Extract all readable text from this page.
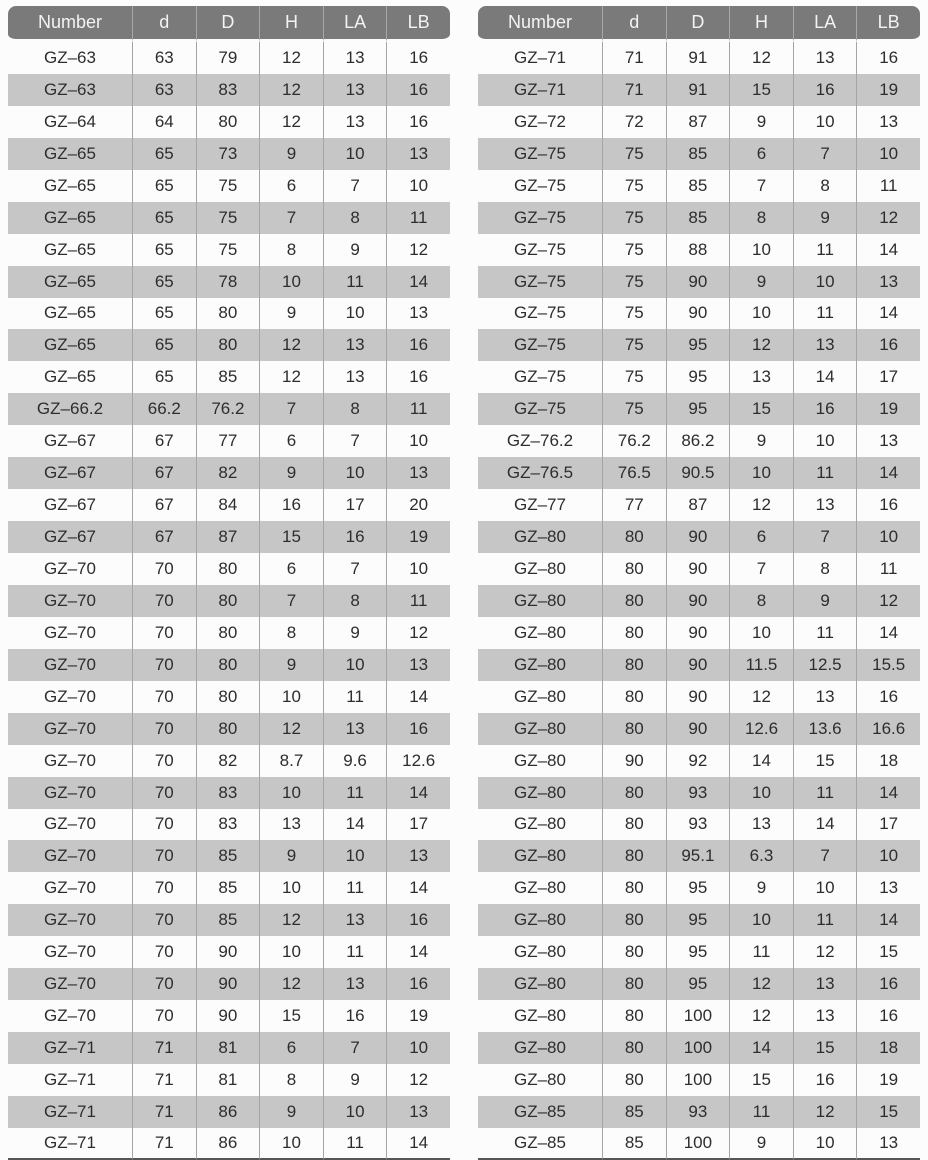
Number	d	D	H	LA	LB
GZ–63	63	79	12	13	16
GZ–63	63	83	12	13	16
GZ–64	64	80	12	13	16
GZ–65	65	73	9	10	13
GZ–65	65	75	6	7	10
GZ–65	65	75	7	8	11
GZ–65	65	75	8	9	12
GZ–65	65	78	10	11	14
GZ–65	65	80	9	10	13
GZ–65	65	80	12	13	16
GZ–65	65	85	12	13	16
GZ–66.2	66.2	76.2	7	8	11
GZ–67	67	77	6	7	10
GZ–67	67	82	9	10	13
GZ–67	67	84	16	17	20
GZ–67	67	87	15	16	19
GZ–70	70	80	6	7	10
GZ–70	70	80	7	8	11
GZ–70	70	80	8	9	12
GZ–70	70	80	9	10	13
GZ–70	70	80	10	11	14
GZ–70	70	80	12	13	16
GZ–70	70	82	8.7	9.6	12.6
GZ–70	70	83	10	11	14
GZ–70	70	83	13	14	17
GZ–70	70	85	9	10	13
GZ–70	70	85	10	11	14
GZ–70	70	85	12	13	16
GZ–70	70	90	10	11	14
GZ–70	70	90	12	13	16
GZ–70	70	90	15	16	19
GZ–71	71	81	6	7	10
GZ–71	71	81	8	9	12
GZ–71	71	86	9	10	13
GZ–71	71	86	10	11	14
Number	d	D	H	LA	LB
GZ–71	71	91	12	13	16
GZ–71	71	91	15	16	19
GZ–72	72	87	9	10	13
GZ–75	75	85	6	7	10
GZ–75	75	85	7	8	11
GZ–75	75	85	8	9	12
GZ–75	75	88	10	11	14
GZ–75	75	90	9	10	13
GZ–75	75	90	10	11	14
GZ–75	75	95	12	13	16
GZ–75	75	95	13	14	17
GZ–75	75	95	15	16	19
GZ–76.2	76.2	86.2	9	10	13
GZ–76.5	76.5	90.5	10	11	14
GZ–77	77	87	12	13	16
GZ–80	80	90	6	7	10
GZ–80	80	90	7	8	11
GZ–80	80	90	8	9	12
GZ–80	80	90	10	11	14
GZ–80	80	90	11.5	12.5	15.5
GZ–80	80	90	12	13	16
GZ–80	80	90	12.6	13.6	16.6
GZ–80	90	92	14	15	18
GZ–80	80	93	10	11	14
GZ–80	80	93	13	14	17
GZ–80	80	95.1	6.3	7	10
GZ–80	80	95	9	10	13
GZ–80	80	95	10	11	14
GZ–80	80	95	11	12	15
GZ–80	80	95	12	13	16
GZ–80	80	100	12	13	16
GZ–80	80	100	14	15	18
GZ–80	80	100	15	16	19
GZ–85	85	93	11	12	15
GZ–85	85	100	9	10	13
